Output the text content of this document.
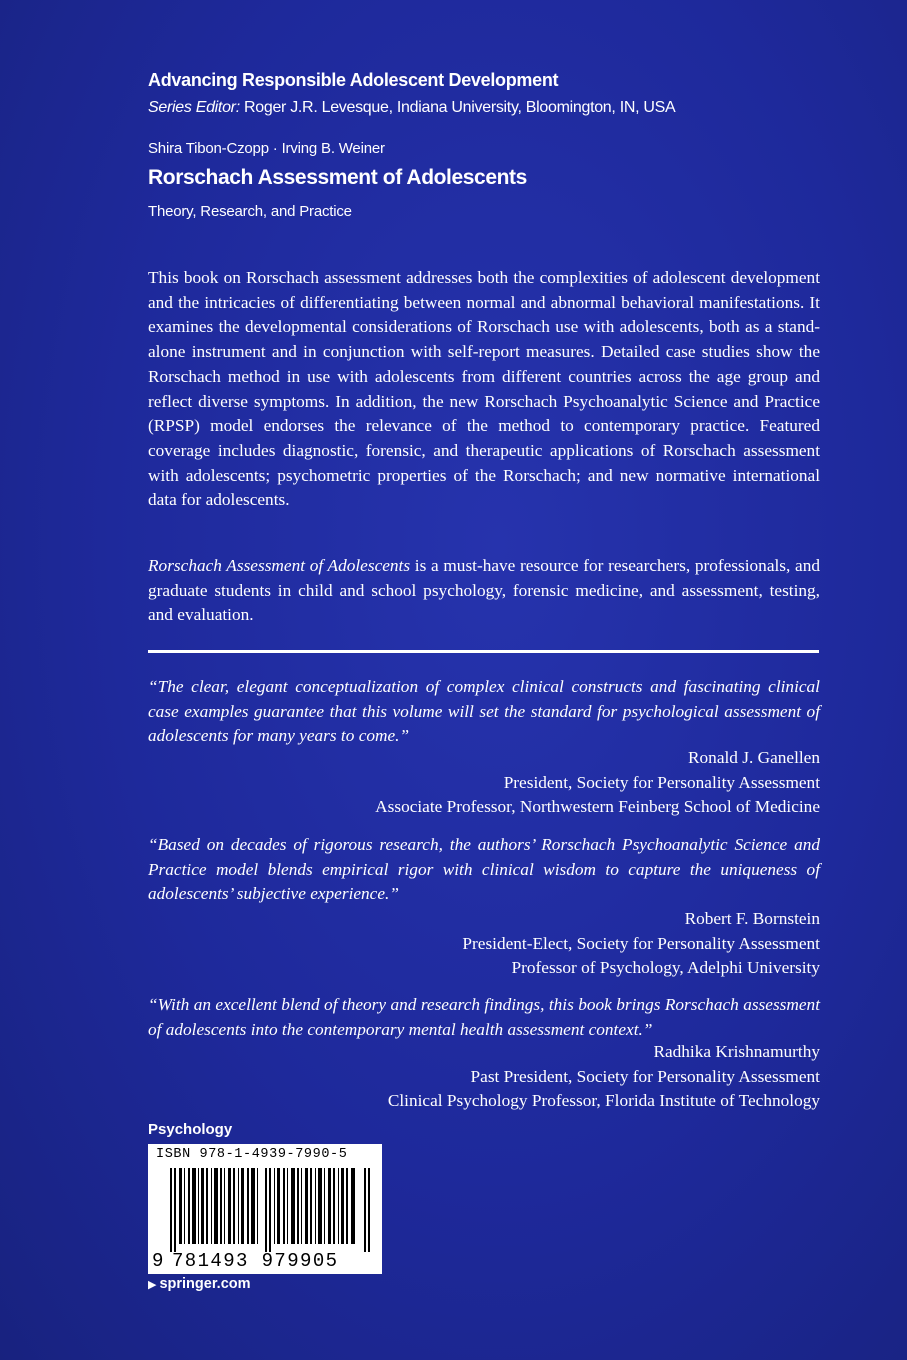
Advancing Responsible Adolescent Development
Series Editor: Roger J.R. Levesque, Indiana University, Bloomington, IN, USA
Shira Tibon-Czopp · Irving B. Weiner
Rorschach Assessment of Adolescents
Theory, Research, and Practice

This book on Rorschach assessment addresses both the complexities of adolescent development and the intricacies of differentiating between normal and abnormal behavioral manifestations. It examines the developmental considerations of Rorschach use with adolescents, both as a stand-alone instrument and in conjunction with self-report measures. Detailed case studies show the Rorschach method in use with adolescents from different countries across the age group and reflect diverse symptoms. In addition, the new Rorschach Psychoanalytic Science and Practice (RPSP) model endorses the relevance of the method to contemporary practice. Featured coverage includes diagnostic, forensic, and therapeutic applications of Rorschach assessment with adolescents; psychometric properties of the Rorschach; and new normative international data for adolescents.

Rorschach Assessment of Adolescents is a must-have resource for researchers, professionals, and graduate students in child and school psychology, forensic medicine, and assessment, testing, and evaluation.

“The clear, elegant conceptualization of complex clinical constructs and fascinating clinical case examples guarantee that this volume will set the standard for psychological assessment of adolescents for many years to come.”

Ronald J. Ganellen
President, Society for Personality Assessment
Associate Professor, Northwestern Feinberg School of Medicine

“Based on decades of rigorous research, the authors’ Rorschach Psychoanalytic Science and Practice model blends empirical rigor with clinical wisdom to capture the uniqueness of adolescents’ subjective experience.”

Robert F. Bornstein
President-Elect, Society for Personality Assessment
Professor of Psychology, Adelphi University

“With an excellent blend of theory and research findings, this book brings Rorschach assessment of adolescents into the contemporary mental health assessment context.”

Radhika Krishnamurthy
Past President, Society for Personality Assessment
Clinical Psychology Professor, Florida Institute of Technology
Psychology
ISBN 978-1-4939-7990-5
9 781493 979905
▶ springer.com
